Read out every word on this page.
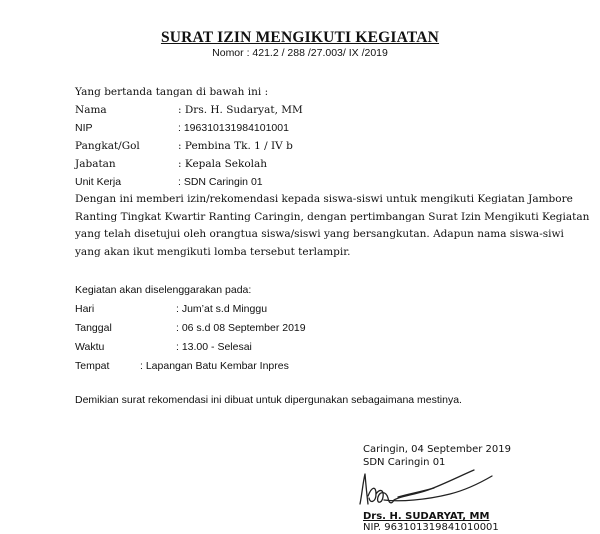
SURAT IZIN MENGIKUTI KEGIATAN
Nomor : 421.2 / 288 /27.003/ IX /2019
Yang bertanda tangan di bawah ini :
Nama	: Drs. H. Sudaryat, MM
NIP	: 196310131984101001
Pangkat/Gol	: Pembina Tk. 1 / IV b
Jabatan	: Kepala Sekolah
Unit Kerja	: SDN Caringin 01
Dengan ini memberi izin/rekomendasi kepada siswa-siswi untuk mengikuti Kegiatan Jambore
Ranting Tingkat Kwartir Ranting Caringin, dengan pertimbangan Surat Izin Mengikuti Kegiatan
yang telah disetujui oleh orangtua siswa/siswi yang bersangkutan. Adapun nama siswa-siwi
yang akan ikut mengikuti lomba tersebut terlampir.
Kegiatan akan diselenggarakan pada:
Hari	: Jum’at s.d Minggu
Tanggal	: 06 s.d 08 September 2019
Waktu	: 13.00 - Selesai
Tempat	: Lapangan Batu Kembar Inpres
Demikian surat rekomendasi ini dibuat untuk dipergunakan sebagaimana mestinya.
Caringin, 04 September 2019
SDN Caringin 01
Drs. H. SUDARYAT, MM
NIP. 963101319841010001
